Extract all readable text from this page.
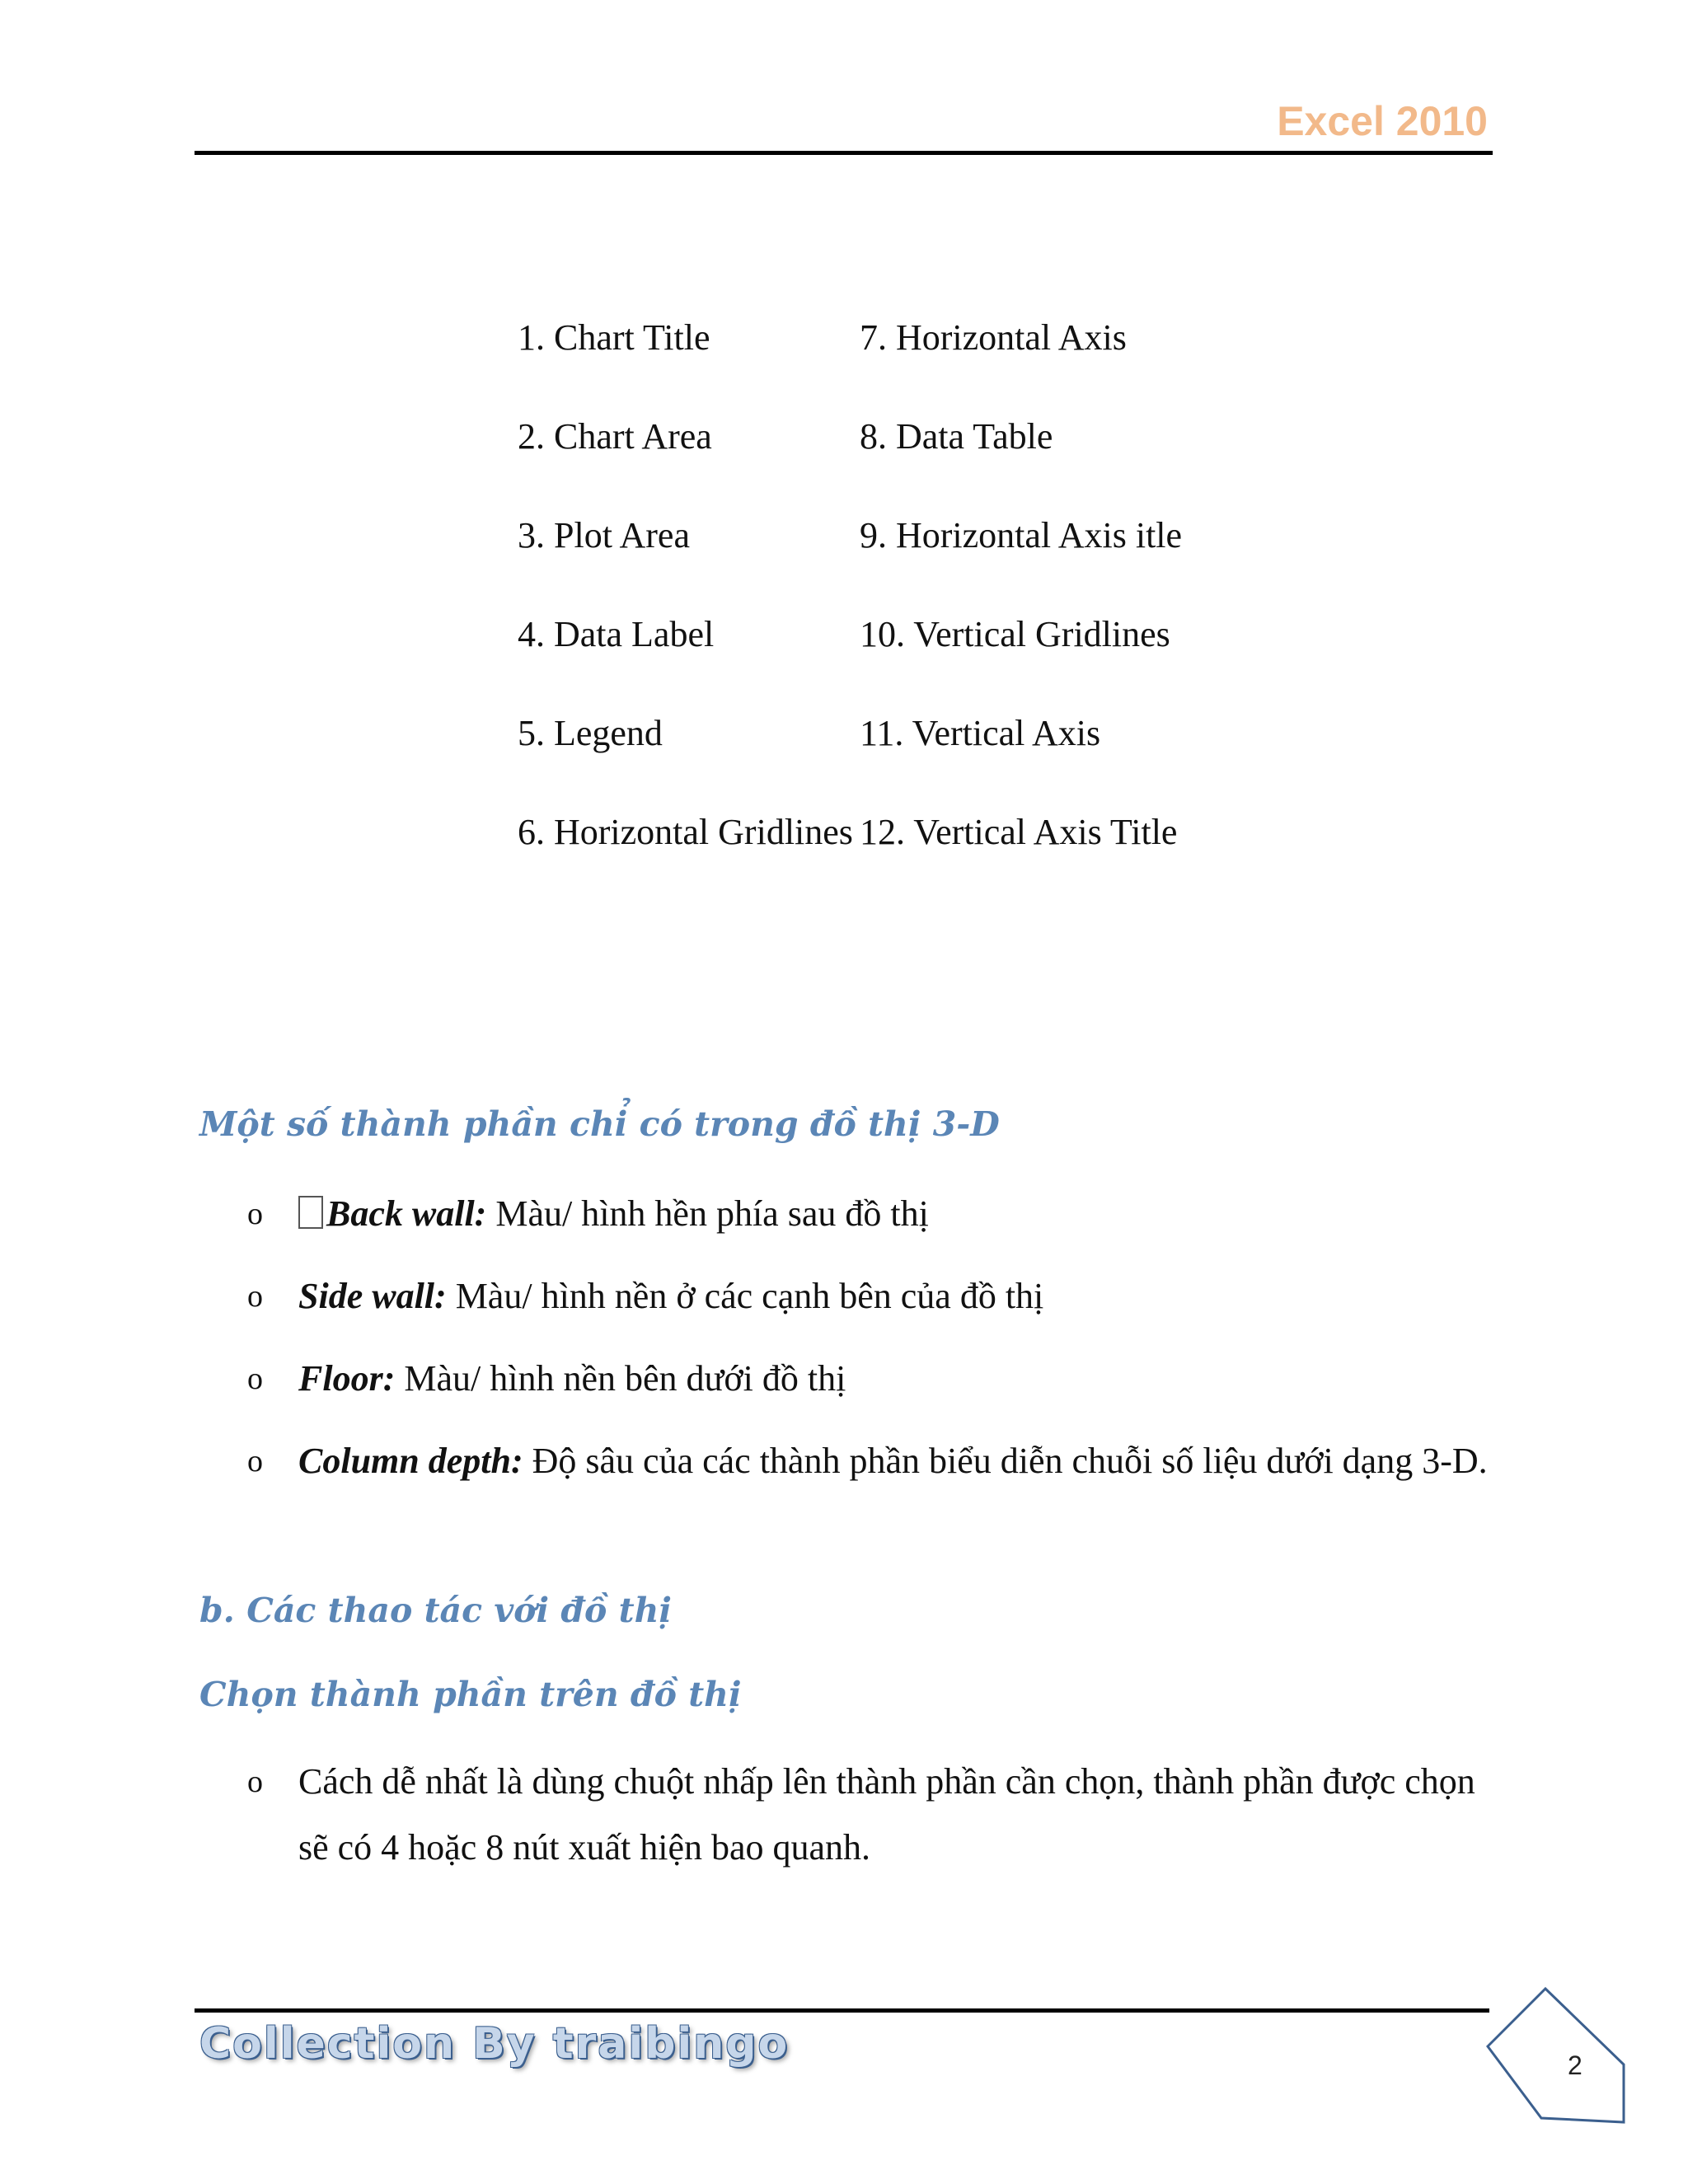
Excel 2010
1. Chart Title	7. Horizontal Axis
2. Chart Area	8. Data Table
3. Plot Area	9. Horizontal Axis itle
4. Data Label	10. Vertical Gridlines
5. Legend	11. Vertical Axis
6. Horizontal Gridlines 12. Vertical Axis Title
Một số thành phần chỉ có trong đồ thị 3-D
o Back wall: Màu/ hình hền phía sau đồ thị
o Side wall: Màu/ hình nền ở các cạnh bên của đồ thị
o Floor: Màu/ hình nền bên dưới đồ thị
o Column depth: Độ sâu của các thành phần biểu diễn chuỗi số liệu dưới dạng 3-D.
b. Các thao tác với đồ thị
Chọn thành phần trên đồ thị
o Cách dễ nhất là dùng chuột nhấp lên thành phần cần chọn, thành phần được chọn sẽ có 4 hoặc 8 nút xuất hiện bao quanh.
Collection By traibingo	2
